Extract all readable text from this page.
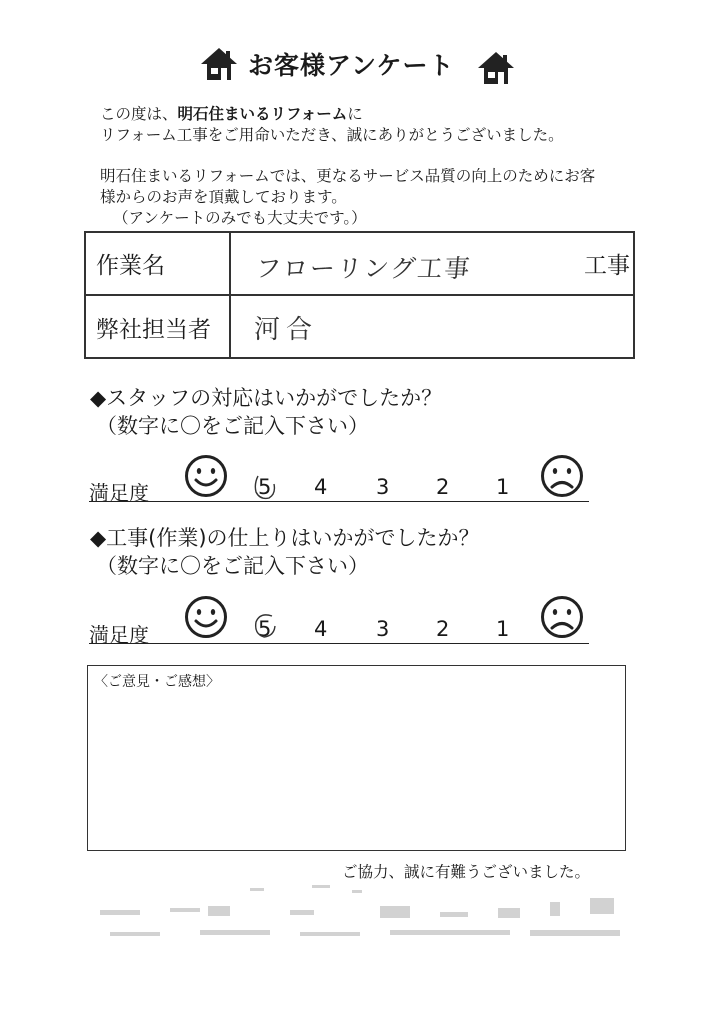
お客様アンケート
この度は、明石住まいるリフォームに
リフォーム工事をご用命いただき、誠にありがとうございました。
明石住まいるリフォームでは、更なるサービス品質の向上のためにお客
様からのお声を頂戴しております。
（アンケートのみでも大丈夫です。）
作業名	フローリング工事	工事
弊社担当者 河合
◆スタッフの対応はいかがでしたか？
（数字に〇をご記入下さい）
満足度	5 4 3 2 1
◆工事(作業)の仕上りはいかがでしたか？
（数字に〇をご記入下さい）
満足度	5 4 3 2 1
〈ご意見・ご感想〉
ご協力、誠に有難うございました。
